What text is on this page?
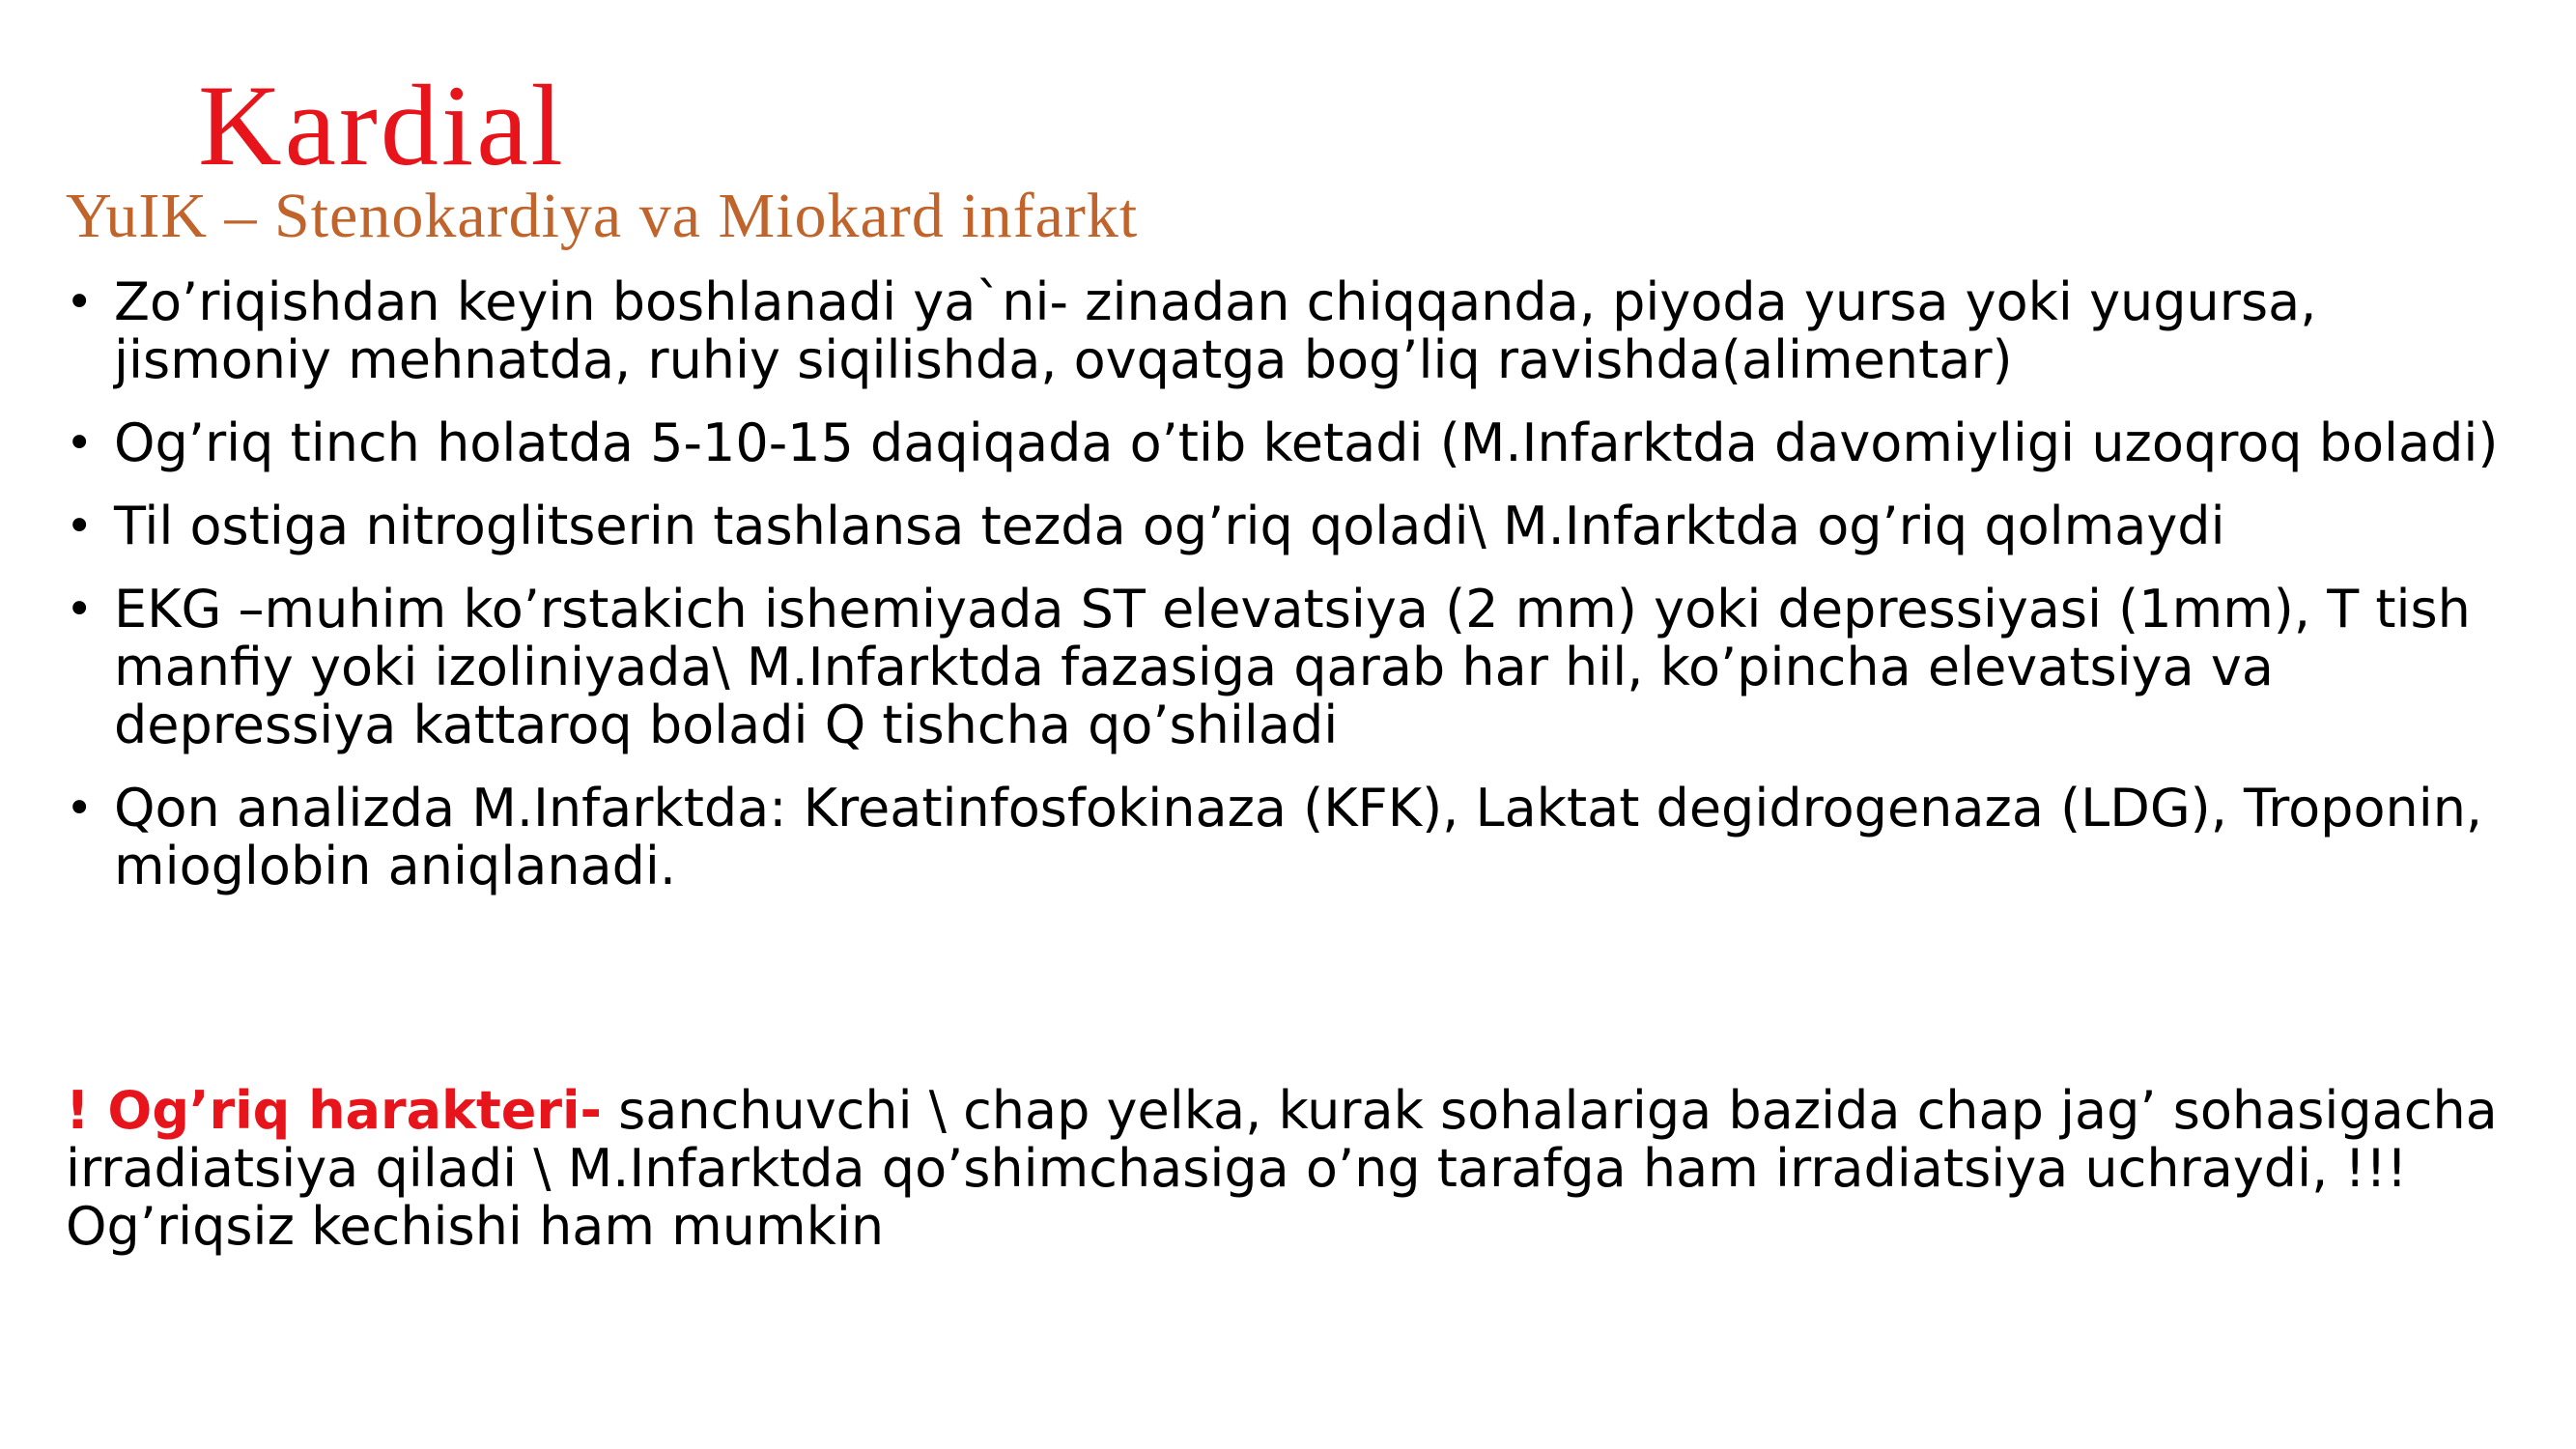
Kardial
YuIK – Stenokardiya va Miokard infarkt
• Zo’riqishdan keyin boshlanadi ya`ni- zinadan chiqqanda, piyoda yursa yoki yugursa, jismoniy mehnatda, ruhiy siqilishda, ovqatga bog’liq ravishda(alimentar)
• Og’riq tinch holatda 5-10-15 daqiqada o’tib ketadi (M.Infarktda davomiyligi uzoqroq boladi)
• Til ostiga nitroglitserin tashlansa tezda og’riq qoladi\ M.Infarktda og’riq qolmaydi
• EKG –muhim ko’rstakich ishemiyada ST elevatsiya (2 mm) yoki depressiyasi (1mm), T tish manfiy yoki izoliniyada\ M.Infarktda fazasiga qarab har hil, ko’pincha elevatsiya va depressiya kattaroq boladi Q tishcha qo’shiladi
• Qon analizda M.Infarktda: Kreatinfosfokinaza (KFK), Laktat degidrogenaza (LDG), Troponin, mioglobin aniqlanadi.

! Og’riq harakteri- sanchuvchi \ chap yelka, kurak sohalariga bazida chap jag’ sohasigacha irradiatsiya qiladi \ M.Infarktda qo’shimchasiga o’ng tarafga ham irradiatsiya uchraydi, !!! Og’riqsiz kechishi ham mumkin
